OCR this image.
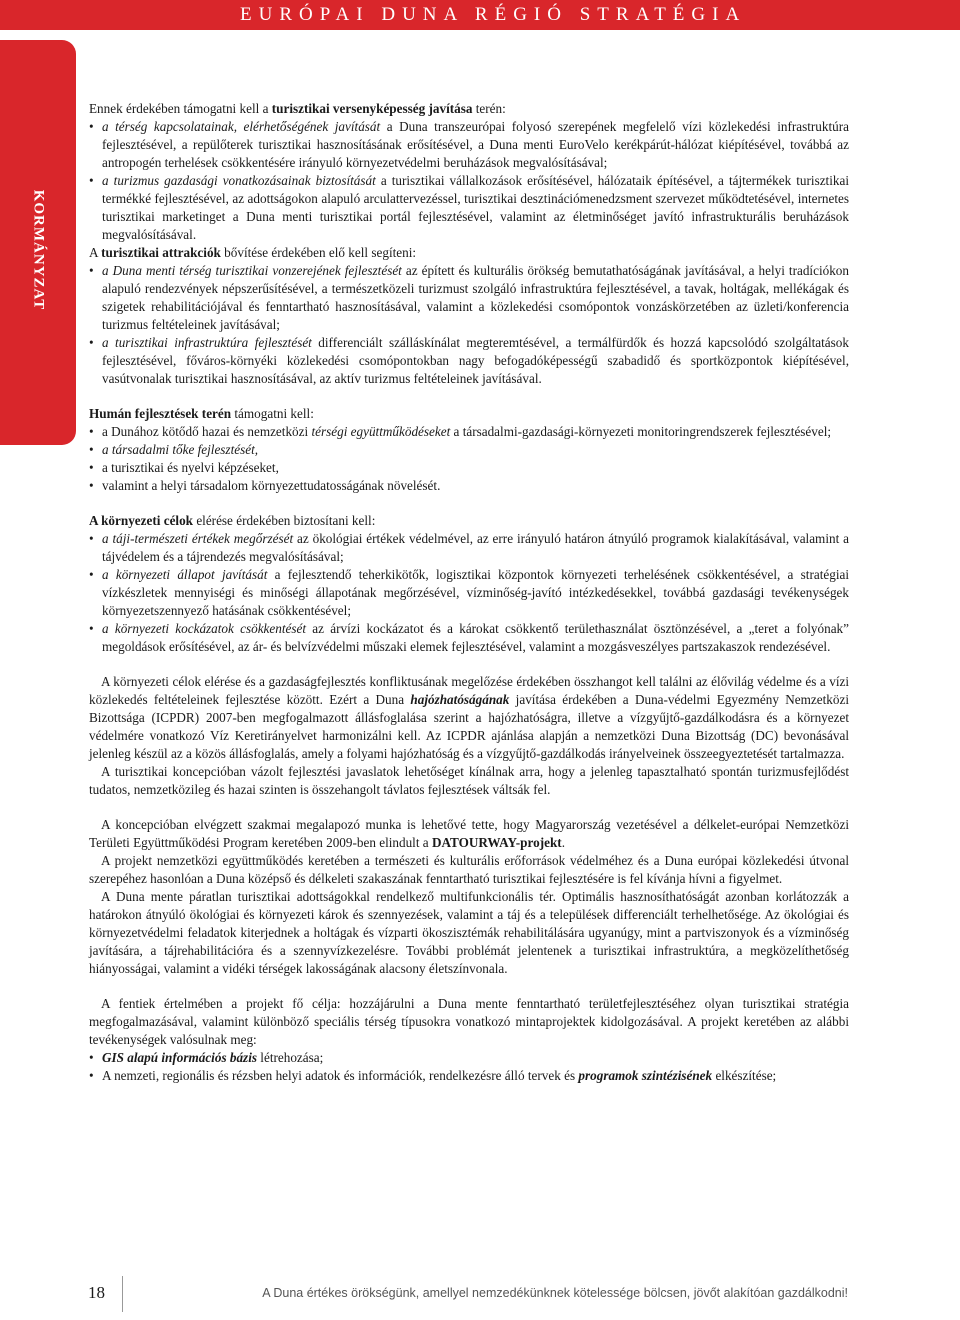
EURÓPAI DUNA RÉGIÓ STRATÉGIA
KORMÁNYZAT

Ennek érdekében támogatni kell a turisztikai versenyképesség javítása terén:

• a térség kapcsolatainak, elérhetőségének javítását a Duna transzeurópai folyosó szerepének megfelelő vízi közlekedési infrastruktúra fejlesztésével, a repülőterek turisztikai hasznosításának erősítésével, a Duna menti EuroVelo kerékpárút-hálózat kiépítésével, továbbá az antropogén terhelések csökkentésére irányuló környezetvédelmi beruházások megvalósításával;
• a turizmus gazdasági vonatkozásainak biztosítását a turisztikai vállalkozások erősítésével, hálózataik építésével, a tájtermékek turisztikai termékké fejlesztésével, az adottságokon alapuló arculattervezéssel, turisztikai desztinációmenedzsment szervezet működtetésével, internetes turisztikai marketinget a Duna menti turisztikai portál fejlesztésével, valamint az életminőséget javító infrastrukturális beruházások megvalósításával.

A turisztikai attrakciók bővítése érdekében elő kell segíteni:

• a Duna menti térség turisztikai vonzerejének fejlesztését az épített és kulturális örökség bemutathatóságának javításával, a helyi tradíciókon alapuló rendezvények népszerűsítésével, a természetközeli turizmust szolgáló infrastruktúra fejlesztésével, a tavak, holtágak, mellékágak és szigetek rehabilitációjával és fenntartható hasznosításával, valamint a közlekedési csomópontok vonzáskörzetében az üzleti/konferencia turizmus feltételeinek javításával;
• a turisztikai infrastruktúra fejlesztését differenciált szálláskínálat megteremtésével, a termálfürdők és hozzá kapcsolódó szolgáltatások fejlesztésével, főváros-környéki közlekedési csomópontokban nagy befogadóképességű szabadidő és sportközpontok kiépítésével, vasútvonalak turisztikai hasznosításával, az aktív turizmus feltételeinek javításával.

Humán fejlesztések terén támogatni kell:

• a Dunához kötődő hazai és nemzetközi térségi együttműködéseket a társadalmi-gazdasági-környezeti monitoringrendszerek fejlesztésével;
• a társadalmi tőke fejlesztését,
• a turisztikai és nyelvi képzéseket,
• valamint a helyi társadalom környezettudatosságának növelését.

A környezeti célok elérése érdekében biztosítani kell:

• a táji-természeti értékek megőrzését az ökológiai értékek védelmével, az erre irányuló határon átnyúló programok kialakításával, valamint a tájvédelem és a tájrendezés megvalósításával;
• a környezeti állapot javítását a fejlesztendő teherkikötők, logisztikai központok környezeti terhelésének csökkentésével, a stratégiai vízkészletek mennyiségi és minőségi állapotának megőrzésével, vízminőség-javító intézkedésekkel, továbbá gazdasági tevékenységek környezetszennyező hatásának csökkentésével;
• a környezeti kockázatok csökkentését az árvízi kockázatot és a károkat csökkentő területhasználat ösztönzésével, a „teret a folyónak” megoldások erősítésével, az ár- és belvízvédelmi műszaki elemek fejlesztésével, valamint a mozgásveszélyes partszakaszok rendezésével.

A környezeti célok elérése és a gazdaságfejlesztés konfliktusának megelőzése érdekében összhangot kell találni az élővilág védelme és a vízi közlekedés feltételeinek fejlesztése között. Ezért a Duna hajózhatóságának javítása érdekében a Duna-védelmi Egyezmény Nemzetközi Bizottsága (ICPDR) 2007-ben megfogalmazott állásfoglalása szerint a hajózhatóságra, illetve a vízgyűjtő-gazdálkodásra és a környezet védelmére vonatkozó Víz Keretirányelvet harmonizálni kell. Az ICPDR ajánlása alapján a nemzetközi Duna Bizottság (DC) bevonásával jelenleg készül az a közös állásfoglalás, amely a folyami hajózhatóság és a vízgyűjtő-gazdálkodás irányelveinek összeegyeztetését tartalmazza.

A turisztikai koncepcióban vázolt fejlesztési javaslatok lehetőséget kínálnak arra, hogy a jelenleg tapasztalható spontán turizmusfejlődést tudatos, nemzetközileg és hazai szinten is összehangolt távlatos fejlesztések váltsák fel.

A koncepcióban elvégzett szakmai megalapozó munka is lehetővé tette, hogy Magyarország vezetésével a délkelet-európai Nemzetközi Területi Együttműködési Program keretében 2009-ben elindult a DATOURWAY-projekt.

A projekt nemzetközi együttműködés keretében a természeti és kulturális erőforrások védelméhez és a Duna európai közlekedési útvonal szerepéhez hasonlóan a Duna középső és délkeleti szakaszának fenntartható turisztikai fejlesztésére is fel kívánja hívni a figyelmet.

A Duna mente páratlan turisztikai adottságokkal rendelkező multifunkcionális tér. Optimális hasznosíthatóságát azonban korlátozzák a határokon átnyúló ökológiai és környezeti károk és szennyezések, valamint a táj és a települések differenciált terhelhetősége. Az ökológiai és környezetvédelmi feladatok kiterjednek a holtágak és vízparti ökoszisztémák rehabilitálására ugyanúgy, mint a partviszonyok és a vízminőség javítására, a tájrehabilitációra és a szennyvízkezelésre. További problémát jelentenek a turisztikai infrastruktúra, a megközelíthetőség hiányosságai, valamint a vidéki térségek lakosságának alacsony életszínvonala.

A fentiek értelmében a projekt fő célja: hozzájárulni a Duna mente fenntartható területfejlesztéséhez olyan turisztikai stratégia megfogalmazásával, valamint különböző speciális térség típusokra vonatkozó mintaprojektek kidolgozásával. A projekt keretében az alábbi tevékenységek valósulnak meg:

• GIS alapú információs bázis létrehozása;
• A nemzeti, regionális és rézsben helyi adatok és információk, rendelkezésre álló tervek és programok szintézisének elkészítése;
18	A Duna értékes örökségünk, amellyel nemzedékünknek kötelessége bölcsen, jövőt alakítóan gazdálkodni!
